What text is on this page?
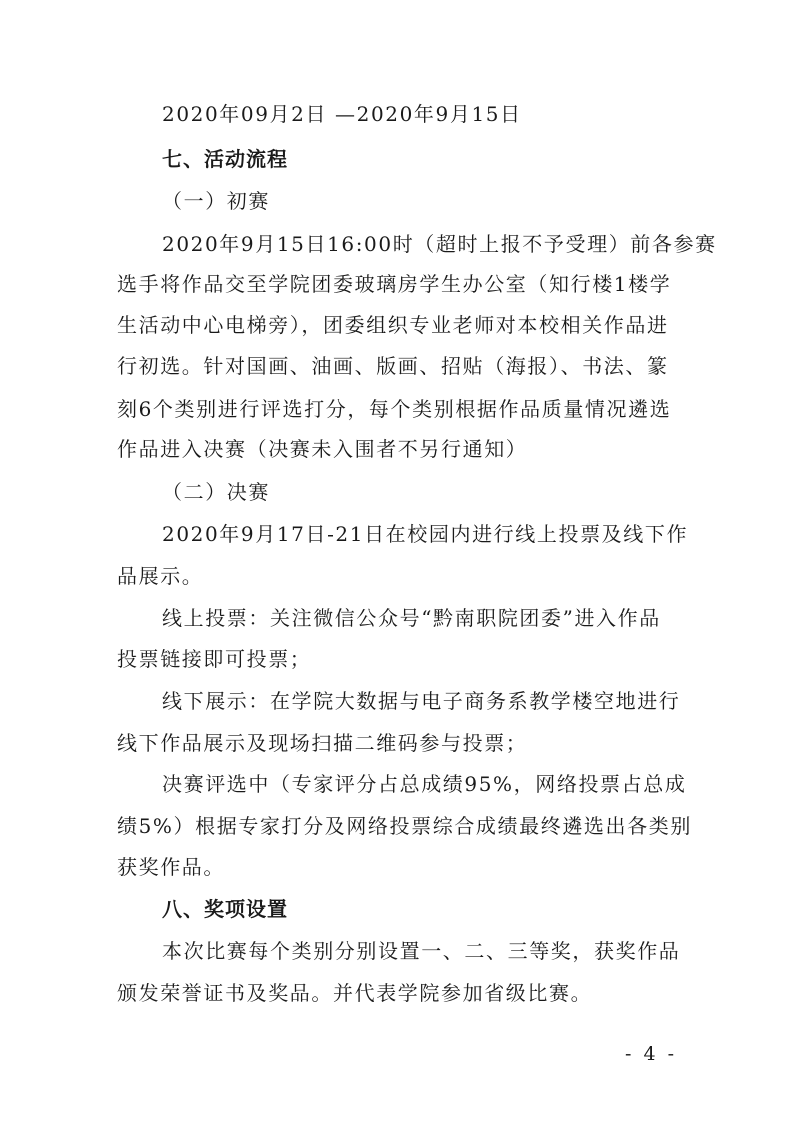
2020年09月2日 —2020年9月15日
七、活动流程
（一）初赛
2020年9月15日16:00时（超时上报不予受理）前各参赛
选手将作品交至学院团委玻璃房学生办公室（知行楼1楼学
生活动中心电梯旁），团委组织专业老师对本校相关作品进
行初选。针对国画、油画、版画、招贴（海报）、书法、篆
刻6个类别进行评选打分，每个类别根据作品质量情况遴选
作品进入决赛（决赛未入围者不另行通知）
（二）决赛
2020年9月17日-21日在校园内进行线上投票及线下作
品展示。
线上投票：关注微信公众号“黔南职院团委”进入作品
投票链接即可投票；
线下展示：在学院大数据与电子商务系教学楼空地进行
线下作品展示及现场扫描二维码参与投票；
决赛评选中（专家评分占总成绩95%，网络投票占总成
绩5%）根据专家打分及网络投票综合成绩最终遴选出各类别
获奖作品。
八、奖项设置
本次比赛每个类别分别设置一、二、三等奖，获奖作品
颁发荣誉证书及奖品。并代表学院参加省级比赛。
- 4 -
